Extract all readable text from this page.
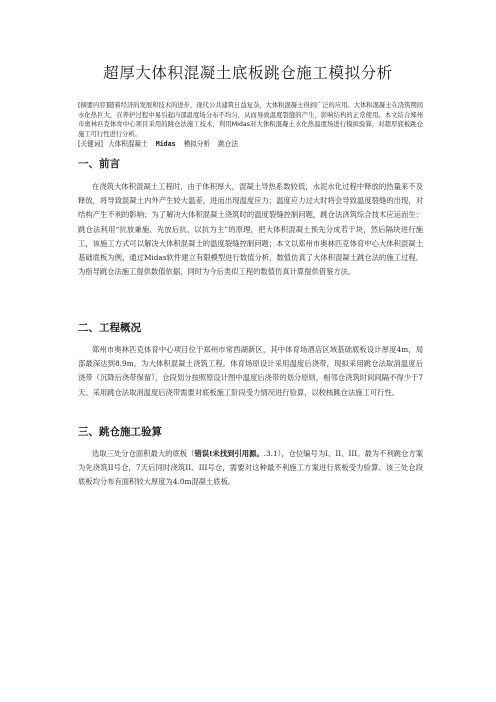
超厚大体积混凝土底板跳仓施工模拟分析
[摘要内容]随着经济的发展和技术的进步，现代公共建筑日益复杂，大体积混凝土得到广泛的应用。大体积混凝土在浇筑期间水化热巨大，在养护过程中易引起内部温度场分布不均匀，从而导致温度裂缝的产生，影响结构的正常使用。本文结合郑州市奥林匹克体育中心项目采用的跳仓法施工技术，利用Midas对大体积混凝土水化热温度场进行模拟验算，对超厚底板跳仓施工可行性进行分析。
[关键词] 大体积混凝土 Midas 模拟分析 跳仓法
一、前言
在浇筑大体积混凝土工程时，由于体积厚大，混凝土导热系数较低，水泥水化过程中释放的热量来不及释放，将导致混凝土内外产生较大温差，进而出现温度应力；温度应力过大时将会导致温度裂缝的出现，对结构产生不利的影响；为了解决大体积混凝土浇筑时的温度裂缝控制问题，跳仓法浇筑综合技术应运而生：跳仓法利用“抗放兼施、先放后抗、以抗为主”的原理，把大体积混凝土预先分成若干块，然后隔块进行施工，该施工方式可以解决大体积混凝土的温度裂缝控制问题；本文以郑州市奥林匹克体育中心大体积混凝土基础底板为例，通过Midas软件建立有限模型进行数值分析，数值仿真了大体积混凝土跳仓法的施工过程，为指导跳仓法施工提供数值依据，同时为今后类似工程的数值仿真计算提供借鉴方法。
二、工程概况
郑州市奥林匹克体育中心项目位于郑州市常西湖新区，其中体育场酒店区域基础底板设计厚度4m，局部最深达到8.9m，为大体积混凝土浇筑工程。体育场原设计采用温度后浇带，现拟采用跳仓法取消温度后浇带（沉降后浇带保留），仓段划分按照原设计图中温度后浇带的划分原则，相邻仓浇筑时间间隔不得少于7天。采用跳仓法取消温度后浇带需要对底板施工阶段受力情况进行验算，以校核跳仓法施工可行性。
三、跳仓施工验算
选取三处分仓面积最大的底板（错误!未找到引用源。.3.1），仓位编号为I、II、III。最为不利跳仓方案为先浇筑II号仓，7天后同时浇筑II、III号仓，需要对这种最不利施工方案进行底板受力验算。该三处仓段底板均分布有面积较大厚度为4.0m混凝土底板。
